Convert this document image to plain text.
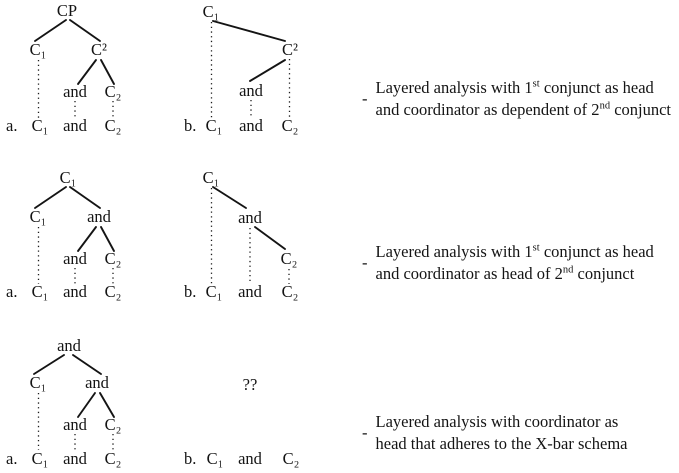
CP
C₁	C²
and C₂
a. C₁ and C₂
C₁
C²
and
b. C₁ and C₂
C₁
C₁ and
and C₂
a. C₁ and C₂
C₁
and
C₂
b. C₁ and C₂
and
C₁ and
and C₂
a. C₁ and C₂
??
b. C₁ and C₂
-
Layered analysis with 1st conjunct as head
and coordinator as dependent of 2nd conjunct
-
Layered analysis with 1st conjunct as head
and coordinator as head of 2nd conjunct
-
Layered analysis with coordinator as
head that adheres to the X-bar schema
